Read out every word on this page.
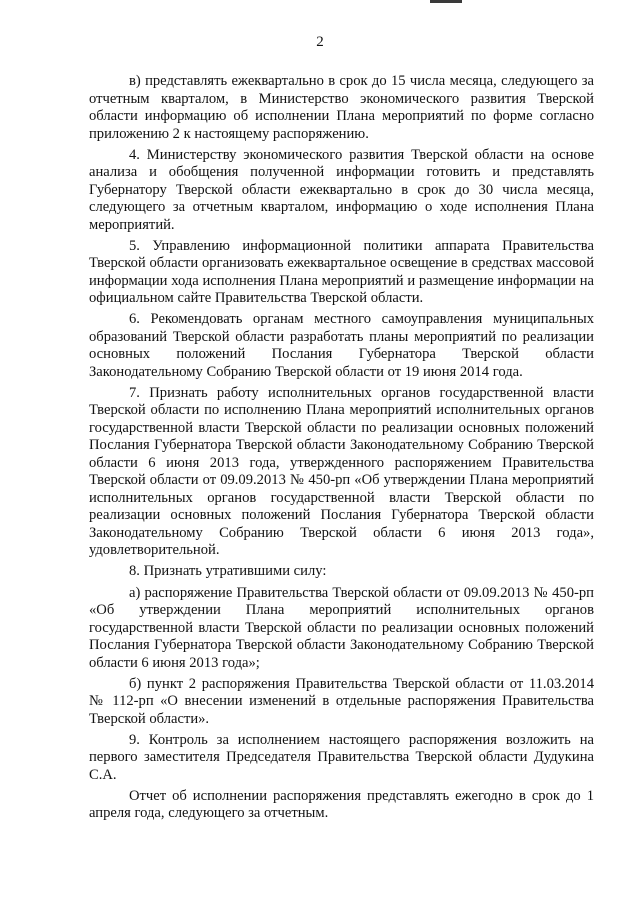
2

в) представлять ежеквартально в срок до 15 числа месяца, следующего за отчетным кварталом, в Министерство экономического развития Тверской области информацию об исполнении Плана мероприятий по форме согласно приложению 2 к настоящему распоряжению.

4. Министерству экономического развития Тверской области на основе анализа и обобщения полученной информации готовить и представлять Губернатору Тверской области ежеквартально в срок до 30 числа месяца, следующего за отчетным кварталом, информацию о ходе исполнения Плана мероприятий.

5. Управлению информационной политики аппарата Правительства Тверской области организовать ежеквартальное освещение в средствах массовой информации хода исполнения Плана мероприятий и размещение информации на официальном сайте Правительства Тверской области.

6. Рекомендовать органам местного самоуправления муниципальных образований Тверской области разработать планы мероприятий по реализации основных положений Послания Губернатора Тверской области Законодательному Собранию Тверской области от 19 июня 2014 года.

7. Признать работу исполнительных органов государственной власти Тверской области по исполнению Плана мероприятий исполнительных органов государственной власти Тверской области по реализации основных положений Послания Губернатора Тверской области Законодательному Собранию Тверской области 6 июня 2013 года, утвержденного распоряжением Правительства Тверской области от 09.09.2013 № 450-рп «Об утверждении Плана мероприятий исполнительных органов государственной власти Тверской области по реализации основных положений Послания Губернатора Тверской области Законодательному Собранию Тверской области 6 июня 2013 года», удовлетворительной.

8. Признать утратившими силу:

а) распоряжение Правительства Тверской области от 09.09.2013 № 450-рп «Об утверждении Плана мероприятий исполнительных органов государственной власти Тверской области по реализации основных положений Послания Губернатора Тверской области Законодательному Собранию Тверской области 6 июня 2013 года»;

б) пункт 2 распоряжения Правительства Тверской области от 11.03.2014 № 112-рп «О внесении изменений в отдельные распоряжения Правительства Тверской области».

9. Контроль за исполнением настоящего распоряжения возложить на первого заместителя Председателя Правительства Тверской области Дудукина С.А.

Отчет об исполнении распоряжения представлять ежегодно в срок до 1 апреля года, следующего за отчетным.
